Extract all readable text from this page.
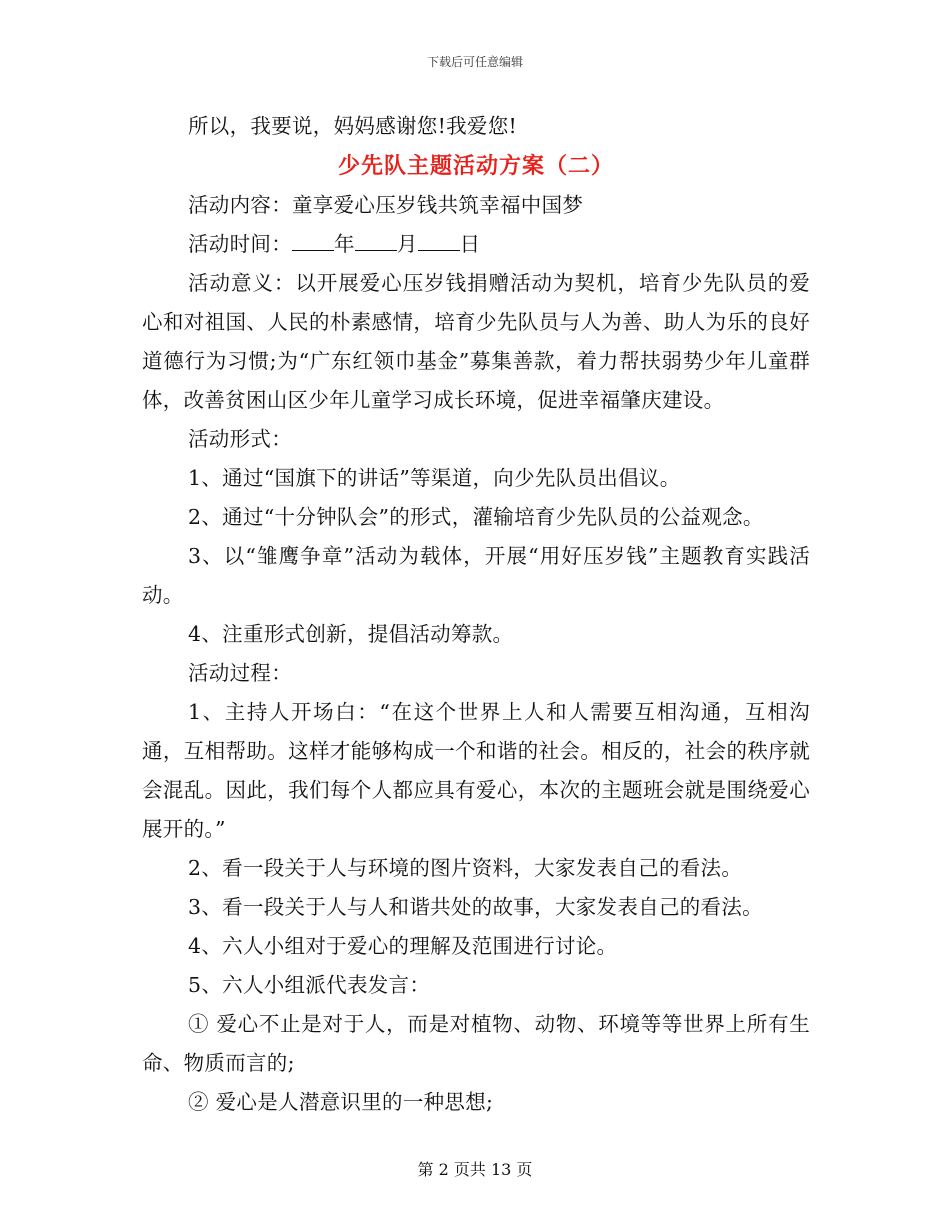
下载后可任意编辑

所以，我要说，妈妈感谢您!我爱您!

少先队主题活动方案（二）

活动内容：童享爱心压岁钱共筑幸福中国梦

活动时间： 年 月 日

活动意义：以开展爱心压岁钱捐赠活动为契机，培育少先队员的爱心和对祖国、人民的朴素感情，培育少先队员与人为善、助人为乐的良好道德行为习惯;为“广东红领巾基金”募集善款，着力帮扶弱势少年儿童群体，改善贫困山区少年儿童学习成长环境，促进幸福肇庆建设。

活动形式：

1、通过“国旗下的讲话”等渠道，向少先队员出倡议。

2、通过“十分钟队会”的形式，灌输培育少先队员的公益观念。

3、以“雏鹰争章”活动为载体，开展“用好压岁钱”主题教育实践活动。

4、注重形式创新，提倡活动筹款。

活动过程：

1、主持人开场白：“在这个世界上人和人需要互相沟通，互相沟通，互相帮助。这样才能够构成一个和谐的社会。相反的，社会的秩序就会混乱。因此，我们每个人都应具有爱心，本次的主题班会就是围绕爱心展开的。”

2、看一段关于人与环境的图片资料，大家发表自己的看法。

3、看一段关于人与人和谐共处的故事，大家发表自己的看法。

4、六人小组对于爱心的理解及范围进行讨论。

5、六人小组派代表发言：

① 爱心不止是对于人，而是对植物、动物、环境等等世界上所有生命、物质而言的;

② 爱心是人潜意识里的一种思想;

第 2 页共 13 页
